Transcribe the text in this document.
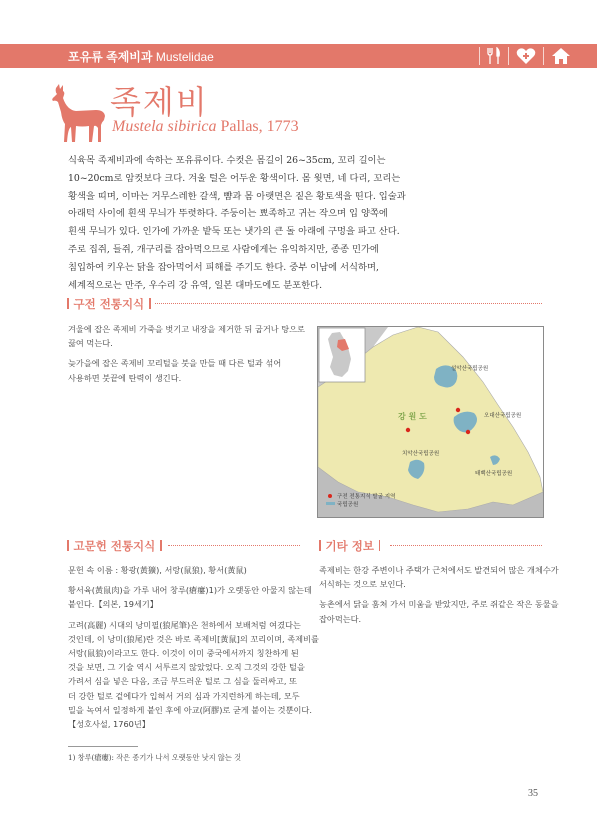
포유류 족제비과 Mustelidae
족제비
Mustela sibirica Pallas, 1773

식육목 족제비과에 속하는 포유류이다. 수컷은 몸길이 26~35cm, 꼬리 길이는

10~20cm로 암컷보다 크다. 겨울 털은 어두운 황색이다. 몸 윗면, 네 다리, 꼬리는

황색을 띠며, 이마는 거무스레한 갈색, 뺨과 몸 아랫면은 짙은 황토색을 띤다. 입술과

아래턱 사이에 흰색 무늬가 뚜렷하다. 주둥이는 뾰족하고 귀는 작으며 입 양쪽에

흰색 무늬가 있다. 인가에 가까운 밭둑 또는 냇가의 큰 돌 아래에 구멍을 파고 산다.

주로 집쥐, 들쥐, 개구리를 잡아먹으므로 사람에게는 유익하지만, 종종 민가에

침입하여 키우는 닭을 잡아먹어서 피해를 주기도 한다. 중부 이남에 서식하며,

세계적으로는 만주, 우수리 강 유역, 일본 대마도에도 분포한다.

구전 전통지식

겨울에 잡은 족제비 가죽을 벗기고 내장을 제거한 뒤 굽거나 탕으로
끓여 먹는다.

늦가을에 잡은 족제비 꼬리털을 붓을 만들 때 다른 털과 섞어
사용하면 붓끝에 탄력이 생긴다.

강 원 도
설악산국립공원
오대산국립공원
치악산국립공원
태백산국립공원
구전 전통지식 발굴 지역
국립공원
고문헌 전통지식

문헌 속 이름 : 황광(黃獷), 서랑(鼠狼), 황서(黃鼠)

황서육(黃鼠肉)을 가루 내어 창루(瘡瘻)1)가 오랫동안 아물지 않는데
붙인다.【의본, 19세기】

고려(高麗) 시대의 낭미필(狼尾筆)은 천하에서 보배처럼 여겼다는
것인데, 이 낭미(狼尾)란 것은 바로 족제비[黃鼠]의 꼬리이며, 족제비를
서랑(鼠狼)이라고도 한다. 이것이 이미 중국에서까지 칭찬하게 된
것을 보면, 그 기술 역시 서투르지 않았었다. 오직 그것의 강한 털을
가려서 심을 넣은 다음, 조금 부드러운 털로 그 심을 둘러싸고, 또
더 강한 털로 겉에다가 입혀서 거의 심과 가지런하게 하는데, 모두
밀을 녹여서 일정하게 붙인 후에 아교(阿膠)로 굳게 붙이는 것뿐이다.
【성호사설, 1760년】

기타 정보

족제비는 한강 주변이나 주택가 근처에서도 발견되어 많은 개체수가
서식하는 것으로 보인다.

농촌에서 닭을 훔쳐 가서 미움을 받았지만, 주로 쥐같은 작은 동물을
잡아먹는다.

1) 창루(瘡瘻): 작은 종기가 나서 오랫동안 낫지 않는 것
35
